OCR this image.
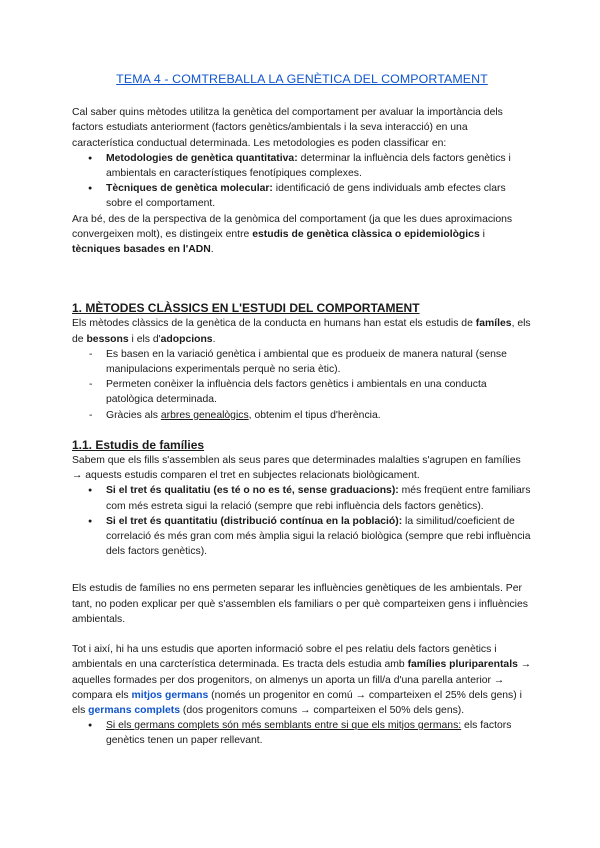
TEMA 4 - COMTREBALLA LA GENÈTICA DEL COMPORTAMENT

Cal saber quins mètodes utilitza la genètica del comportament per avaluar la importància dels factors estudiats anteriorment (factors genètics/ambientals i la seva interacció) en una característica conductual determinada. Les metodologies es poden classificar en:

● Metodologies de genètica quantitativa: determinar la influència dels factors genètics i ambientals en característiques fenotípiques complexes.
● Tècniques de genètica molecular: identificació de gens individuals amb efectes clars sobre el comportament.

Ara bé, des de la perspectiva de la genòmica del comportament (ja que les dues aproximacions convergeixen molt), es distingeix entre estudis de genètica clàssica o epidemiològics i tècniques basades en l'ADN.

1. MÈTODES CLÀSSICS EN L'ESTUDI DEL COMPORTAMENT

Els mètodes clàssics de la genètica de la conducta en humans han estat els estudis de famíles, els de bessons i els d'adopcions.

- Es basen en la variació genètica i ambiental que es produeix de manera natural (sense manipulacions experimentals perquè no seria ètic).
- Permeten conèixer la influència dels factors genètics i ambientals en una conducta patològica determinada.
- Gràcies als arbres genealògics, obtenim el tipus d'herència.

1.1. Estudis de famílies

Sabem que els fills s'assemblen als seus pares que determinades malalties s'agrupen en famílies → aquests estudis comparen el tret en subjectes relacionats biològicament.

● Si el tret és qualitatiu (es té o no es té, sense graduacions): més freqüent entre familiars com més estreta sigui la relació (sempre que rebi influència dels factors genètics).
● Si el tret és quantitatiu (distribució contínua en la població): la similitud/coeficient de correlació és més gran com més àmplia sigui la relació biològica (sempre que rebi influència dels factors genètics).

Els estudis de famílies no ens permeten separar les influències genètiques de les ambientals. Per tant, no poden explicar per què s'assemblen els familiars o per què comparteixen gens i influències ambientals.

Tot i així, hi ha uns estudis que aporten informació sobre el pes relatiu dels factors genètics i ambientals en una carcterística determinada. Es tracta dels estudia amb famílies pluriparentals → aquelles formades per dos progenitors, on almenys un aporta un fill/a d'una parella anterior → compara els mitjos germans (només un progenitor en comú → comparteixen el 25% dels gens) i els germans complets (dos progenitors comuns → comparteixen el 50% dels gens).

● Si els germans complets són més semblants entre si que els mitjos germans: els factors genètics tenen un paper rellevant.
